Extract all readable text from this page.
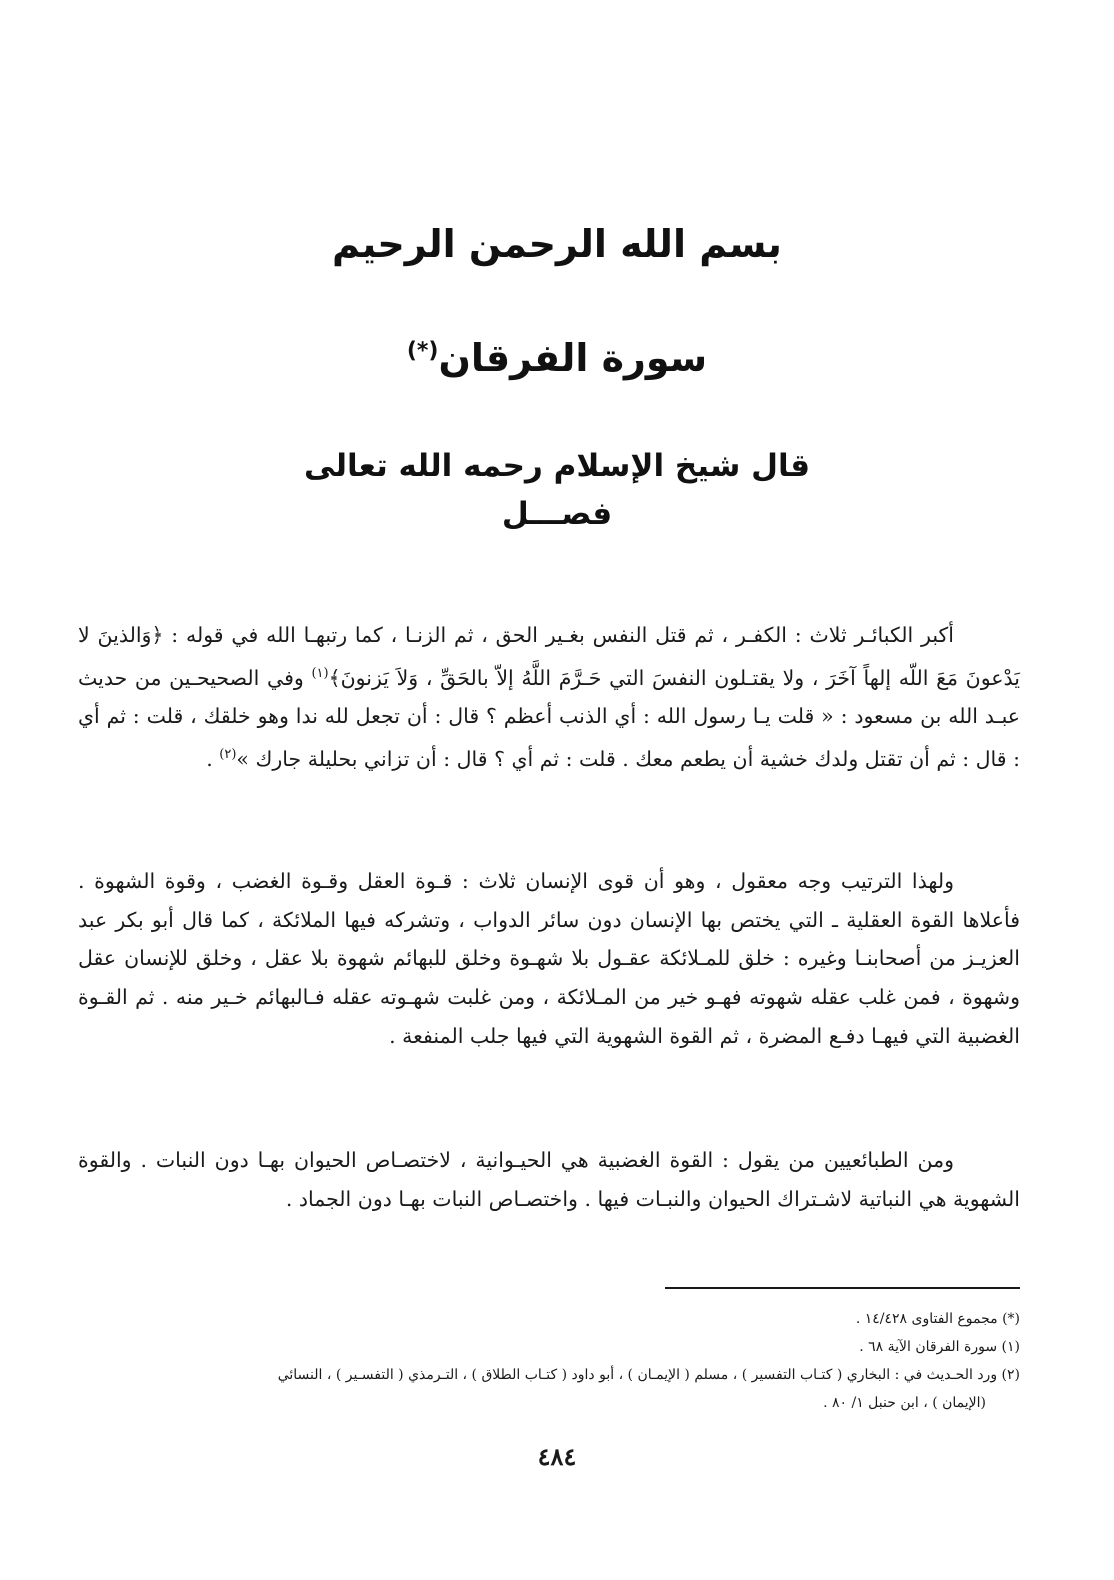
بسم الله الرحمن الرحيم
سورة الفرقان(*)
قال شيخ الإسلام رحمه الله تعالى
فصـــل

أكبر الكبائـر ثلاث : الكفـر ، ثم قتل النفس بغـير الحق ، ثم الزنـا ، كما رتبهـا الله في قوله : ﴿وَالذينَ لا يَدْعونَ مَعَ اللّه إلهاً آخَرَ ، ولا يقتـلون النفسَ التي حَـرَّمَ اللَّهُ إلاّ بالحَقِّ ، وَلاَ يَزنونَ﴾$^{(١)}$ وفي الصحيحـين من حديث عبـد الله بن مسعود : « قلت يـا رسول الله : أي الذنب أعظم ؟ قال : أن تجعل لله ندا وهو خلقك ، قلت : ثم أي : قال : ثم أن تقتل ولدك خشية أن يطعم معك . قلت : ثم أي ؟ قال : أن تزاني بحليلة جارك »$^{(٢)}$ .

ولهذا الترتيب وجه معقول ، وهو أن قوى الإنسان ثلاث : قـوة العقل وقـوة الغضب ، وقوة الشهوة . فأعلاها القوة العقلية ـ التي يختص بها الإنسان دون سائر الدواب ، وتشركه فيها الملائكة ، كما قال أبو بكر عبد العزيـز من أصحابنـا وغيره : خلق للمـلائكة عقـول بلا شهـوة وخلق للبهائم شهوة بلا عقل ، وخلق للإنسان عقل وشهوة ، فمن غلب عقله شهوته فهـو خير من المـلائكة ، ومن غلبت شهـوته عقله فـالبهائم خـير منه . ثم القـوة الغضبية التي فيهـا دفـع المضرة ، ثم القوة الشهوية التي فيها جلب المنفعة .

ومن الطبائعيين من يقول : القوة الغضبية هي الحيـوانية ، لاختصـاص الحيوان بهـا دون النبات . والقوة الشهوية هي النباتية لاشـتراك الحيوان والنبـات فيها . واختصـاص النبات بهـا دون الجماد .

(*) مجموع الفتاوى ١٤/٤٢٨ .
(١) سورة الفرقان الآية ٦٨ .
(٢) ورد الحـديث في : البخاري ( كتـاب التفسير ) ، مسلم ( الإيمـان ) ، أبو داود ( كتـاب الطلاق ) ، التـرمذي ( التفسـير ) ، النسائي
(الإيمان ) ، ابن حنبل ١/ ٨٠ .
٤٨٤
